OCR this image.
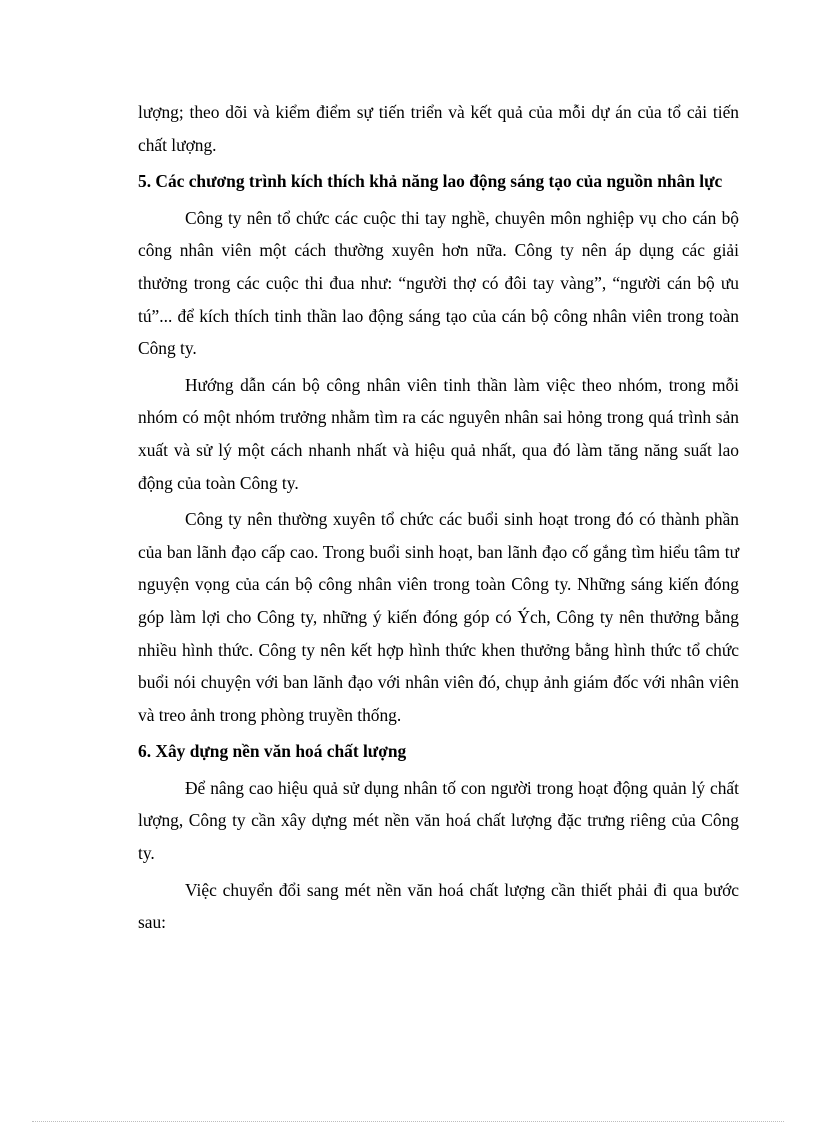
lượng; theo dõi và kiểm điểm sự tiến triển và kết quả của mỗi dự án của tổ cải tiến chất lượng.

5. Các chương trình kích thích khả năng lao động sáng tạo của nguồn nhân lực

Công ty nên tổ chức các cuộc thi tay nghề, chuyên môn nghiệp vụ cho cán bộ công nhân viên một cách thường xuyên hơn nữa. Công ty nên áp dụng các giải thưởng trong các cuộc thi đua như: “người thợ có đôi tay vàng”, “người cán bộ ưu tú”... để kích thích tinh thần lao động sáng tạo của cán bộ công nhân viên trong toàn Công ty.

Hướng dẫn cán bộ công nhân viên tinh thần làm việc theo nhóm, trong mỗi nhóm có một nhóm trưởng nhằm tìm ra các nguyên nhân sai hỏng trong quá trình sản xuất và sử lý một cách nhanh nhất và hiệu quả nhất, qua đó làm tăng năng suất lao động của toàn Công ty.

Công ty nên thường xuyên tổ chức các buổi sinh hoạt trong đó có thành phần của ban lãnh đạo cấp cao. Trong buổi sinh hoạt, ban lãnh đạo cố gắng tìm hiểu tâm tư nguyện vọng của cán bộ công nhân viên trong toàn Công ty. Những sáng kiến đóng góp làm lợi cho Công ty, những ý kiến đóng góp có Ých, Công ty nên thưởng bằng nhiều hình thức. Công ty nên kết hợp hình thức khen thưởng bằng hình thức tổ chức buổi nói chuyện với ban lãnh đạo với nhân viên đó, chụp ảnh giám đốc với nhân viên và treo ảnh trong phòng truyền thống.

6. Xây dựng nền văn hoá chất lượng

Để nâng cao hiệu quả sử dụng nhân tố con người trong hoạt động quản lý chất lượng, Công ty cần xây dựng mét nền văn hoá chất lượng đặc trưng riêng của Công ty.

Việc chuyển đổi sang mét nền văn hoá chất lượng cần thiết phải đi qua bước sau:
